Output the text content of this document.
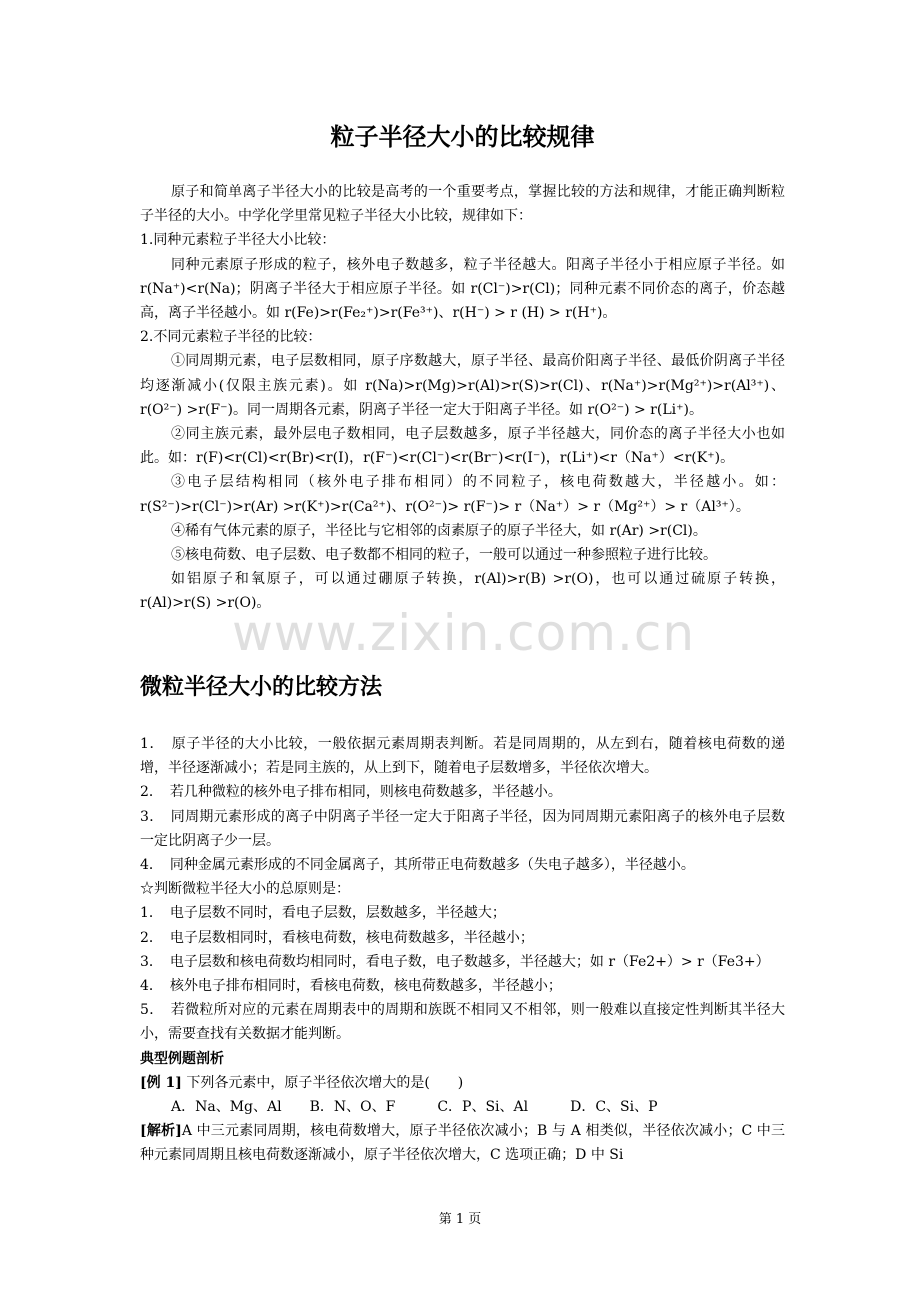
www.zixin.com.cn
粒子半径大小的比较规律

原子和简单离子半径大小的比较是高考的一个重要考点，掌握比较的方法和规律，才能正确判断粒子半径的大小。中学化学里常见粒子半径大小比较，规律如下：

1.同种元素粒子半径大小比较：

同种元素原子形成的粒子，核外电子数越多，粒子半径越大。阳离子半径小于相应原子半径。如 r(Na⁺)<r(Na)；阴离子半径大于相应原子半径。如 r(Cl⁻)>r(Cl)；同种元素不同价态的离子，价态越高，离子半径越小。如 r(Fe)>r(Fe₂⁺)>r(Fe³⁺)、r(H⁻) > r (H) > r(H⁺)。

2.不同元素粒子半径的比较：

①同周期元素，电子层数相同，原子序数越大，原子半径、最高价阳离子半径、最低价阴离子半径均逐渐减小(仅限主族元素)。如 r(Na)>r(Mg)>r(Al)>r(S)>r(Cl)、r(Na⁺)>r(Mg²⁺)>r(Al³⁺)、r(O²⁻) >r(F⁻)。同一周期各元素，阴离子半径一定大于阳离子半径。如 r(O²⁻) > r(Li⁺)。

②同主族元素，最外层电子数相同，电子层数越多，原子半径越大，同价态的离子半径大小也如此。如：r(F)<r(Cl)<r(Br)<r(I)，r(F⁻)<r(Cl⁻)<r(Br⁻)<r(I⁻)，r(Li⁺)<r（Na⁺）<r(K⁺)。

③电子层结构相同（核外电子排布相同）的不同粒子，核电荷数越大，半径越小。如：r(S²⁻)>r(Cl⁻)>r(Ar) >r(K⁺)>r(Ca²⁺)、r(O²⁻)> r(F⁻)> r（Na⁺）> r（Mg²⁺）> r（Al³⁺）。

④稀有气体元素的原子，半径比与它相邻的卤素原子的原子半径大，如 r(Ar) >r(Cl)。

⑤核电荷数、电子层数、电子数都不相同的粒子，一般可以通过一种参照粒子进行比较。

如铝原子和氧原子，可以通过硼原子转换，r(Al)>r(B) >r(O)，也可以通过硫原子转换，r(Al)>r(S) >r(O)。

微粒半径大小的比较方法

1．　原子半径的大小比较，一般依据元素周期表判断。若是同周期的，从左到右，随着核电荷数的递增，半径逐渐减小；若是同主族的，从上到下，随着电子层数增多，半径依次增大。

2．　若几种微粒的核外电子排布相同，则核电荷数越多，半径越小。

3．　同周期元素形成的离子中阴离子半径一定大于阳离子半径，因为同周期元素阳离子的核外电子层数一定比阴离子少一层。

4．　同种金属元素形成的不同金属离子，其所带正电荷数越多（失电子越多），半径越小。

☆判断微粒半径大小的总原则是：

1．　电子层数不同时，看电子层数，层数越多，半径越大；

2．　电子层数相同时，看核电荷数，核电荷数越多，半径越小；

3．　电子层数和核电荷数均相同时，看电子数，电子数越多，半径越大；如 r（Fe2+）> r（Fe3+）

4．　核外电子排布相同时，看核电荷数，核电荷数越多，半径越小；

5．　若微粒所对应的元素在周期表中的周期和族既不相同又不相邻，则一般难以直接定性判断其半径大小，需要查找有关数据才能判断。

典型例题剖析

[例 1] 下列各元素中，原子半径依次增大的是(　　)

A．Na、Mg、Al　　B．N、O、F　　　C．P、Si、Al　　　D．C、Si、P

[解析]A 中三元素同周期，核电荷数增大，原子半径依次减小；B 与 A 相类似，半径依次减小；C 中三种元素同周期且核电荷数逐渐减小，原子半径依次增大，C 选项正确；D 中 Si

第 1 页
